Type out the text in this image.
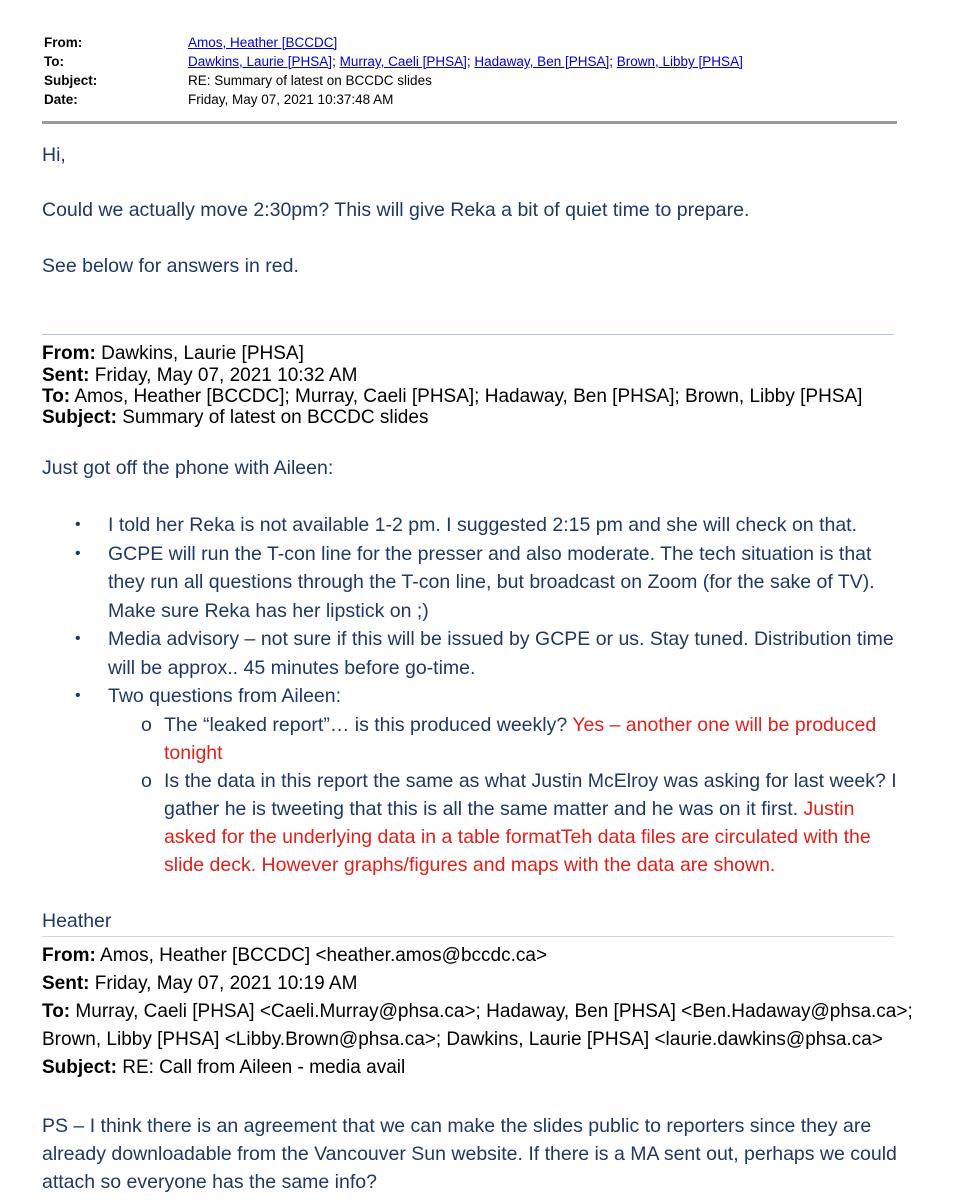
From:	Amos, Heather [BCCDC]
To:	Dawkins, Laurie [PHSA]; Murray, Caeli [PHSA]; Hadaway, Ben [PHSA]; Brown, Libby [PHSA]
Subject:	RE: Summary of latest on BCCDC slides
Date:	Friday, May 07, 2021 10:37:48 AM

Hi,

Could we actually move 2:30pm? This will give Reka a bit of quiet time to prepare.

See below for answers in red.

From: Dawkins, Laurie [PHSA]
Sent: Friday, May 07, 2021 10:32 AM
To: Amos, Heather [BCCDC]; Murray, Caeli [PHSA]; Hadaway, Ben [PHSA]; Brown, Libby [PHSA]
Subject: Summary of latest on BCCDC slides

Just got off the phone with Aileen:

• I told her Reka is not available 1-2 pm. I suggested 2:15 pm and she will check on that.
• GCPE will run the T-con line for the presser and also moderate. The tech situation is that they run all questions through the T-con line, but broadcast on Zoom (for the sake of TV). Make sure Reka has her lipstick on ;)
• Media advisory – not sure if this will be issued by GCPE or us. Stay tuned. Distribution time will be approx.. 45 minutes before go-time.
• Two questions from Aileen:
o The “leaked report”… is this produced weekly? Yes – another one will be produced tonight
o Is the data in this report the same as what Justin McElroy was asking for last week? I gather he is tweeting that this is all the same matter and he was on it first. Justin asked for the underlying data in a table formatTeh data files are circulated with the slide deck. However graphs/figures and maps with the data are shown.

Heather

From: Amos, Heather [BCCDC] <heather.amos@bccdc.ca>
Sent: Friday, May 07, 2021 10:19 AM
To: Murray, Caeli [PHSA] <Caeli.Murray@phsa.ca>; Hadaway, Ben [PHSA] <Ben.Hadaway@phsa.ca>;
Brown, Libby [PHSA] <Libby.Brown@phsa.ca>; Dawkins, Laurie [PHSA] <laurie.dawkins@phsa.ca>
Subject: RE: Call from Aileen - media avail

PS – I think there is an agreement that we can make the slides public to reporters since they are already downloadable from the Vancouver Sun website. If there is a MA sent out, perhaps we could attach so everyone has the same info?
